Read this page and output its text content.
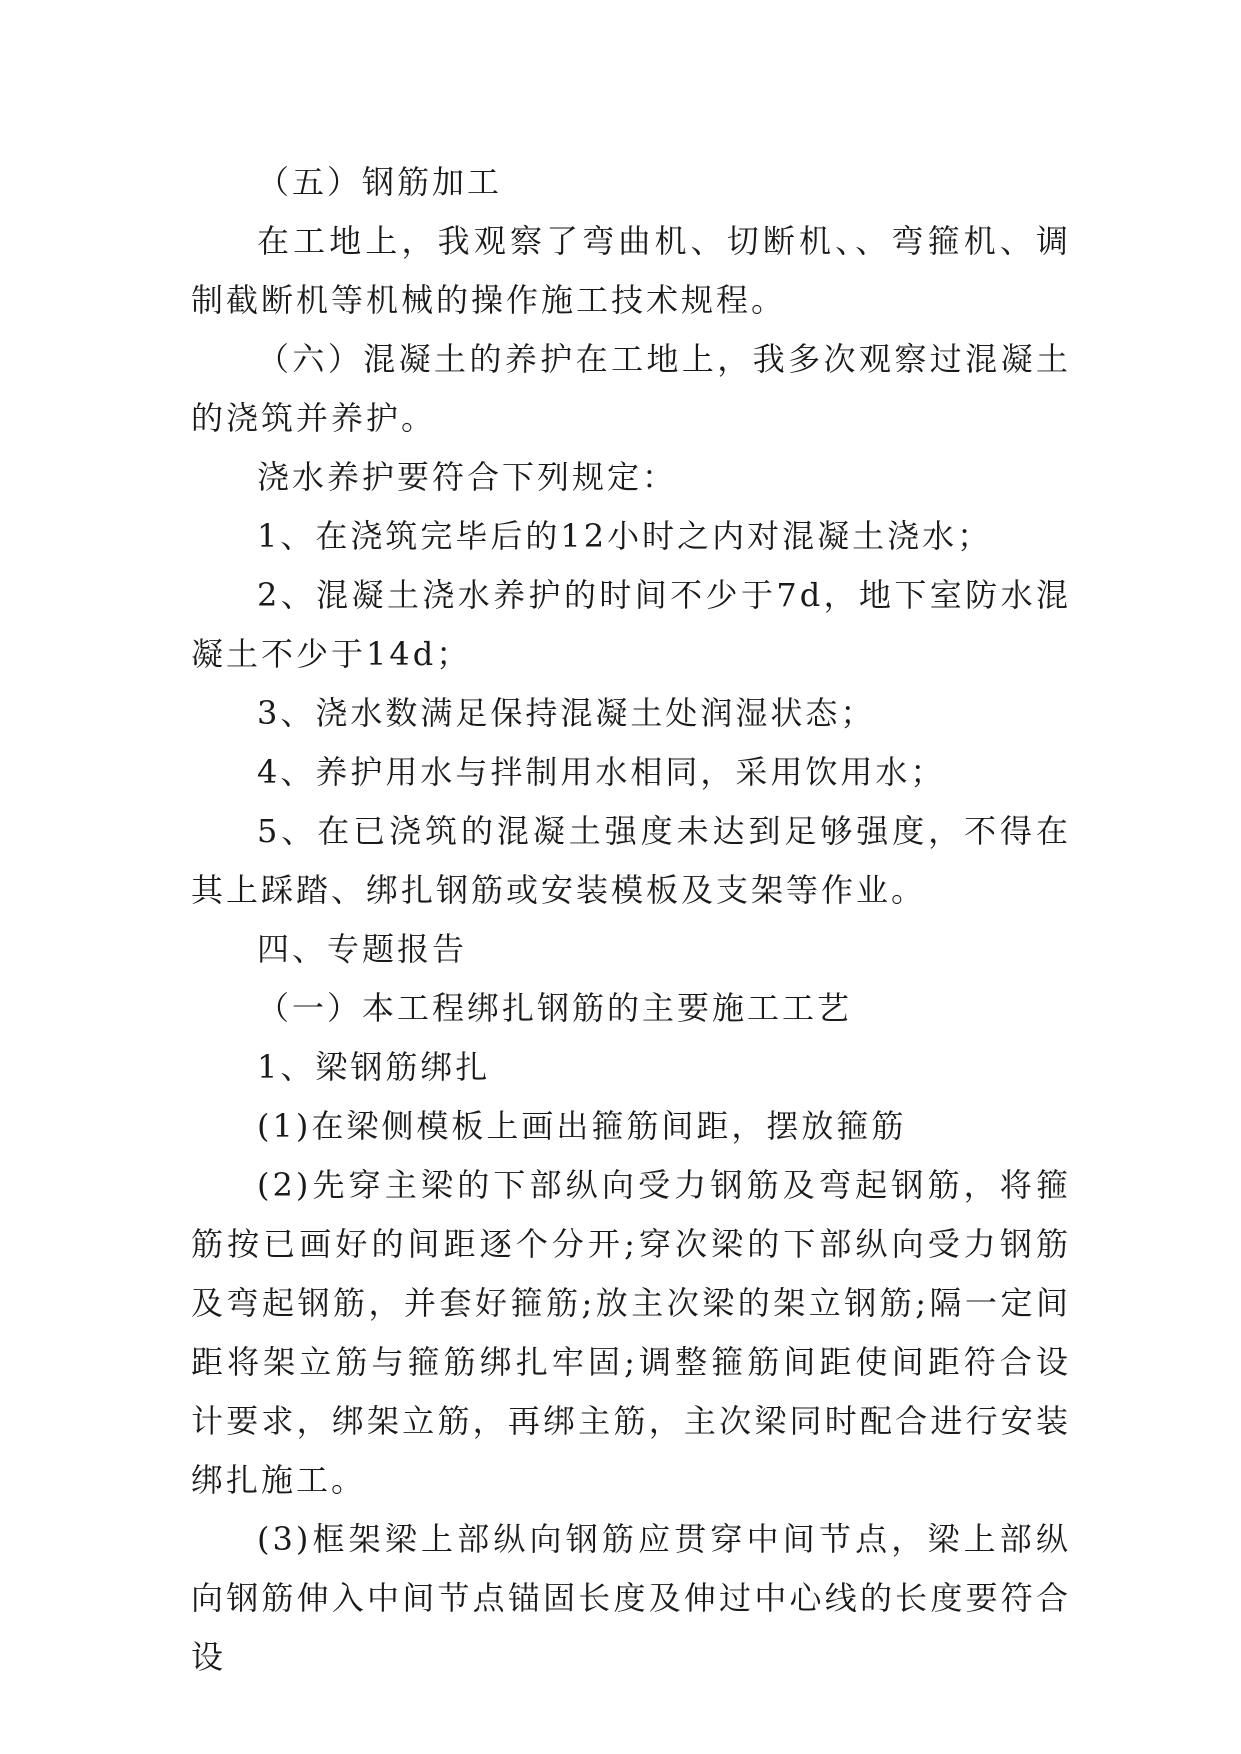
（五）钢筋加工

在工地上，我观察了弯曲机、切断机、、弯箍机、调制截断机等机械的操作施工技术规程。

（六）混凝土的养护在工地上，我多次观察过混凝土的浇筑并养护。

浇水养护要符合下列规定：

1、在浇筑完毕后的12小时之内对混凝土浇水；

2、混凝土浇水养护的时间不少于7d，地下室防水混凝土不少于14d；

3、浇水数满足保持混凝土处润湿状态；

4、养护用水与拌制用水相同，采用饮用水；

5、在已浇筑的混凝土强度未达到足够强度，不得在其上踩踏、绑扎钢筋或安装模板及支架等作业。

四、专题报告

（一）本工程绑扎钢筋的主要施工工艺

1、梁钢筋绑扎

(1)在梁侧模板上画出箍筋间距，摆放箍筋

(2)先穿主梁的下部纵向受力钢筋及弯起钢筋，将箍筋按已画好的间距逐个分开;穿次梁的下部纵向受力钢筋及弯起钢筋，并套好箍筋;放主次梁的架立钢筋;隔一定间距将架立筋与箍筋绑扎牢固;调整箍筋间距使间距符合设计要求，绑架立筋，再绑主筋，主次梁同时配合进行安装绑扎施工。

(3)框架梁上部纵向钢筋应贯穿中间节点，梁上部纵向钢筋伸入中间节点锚固长度及伸过中心线的长度要符合设
